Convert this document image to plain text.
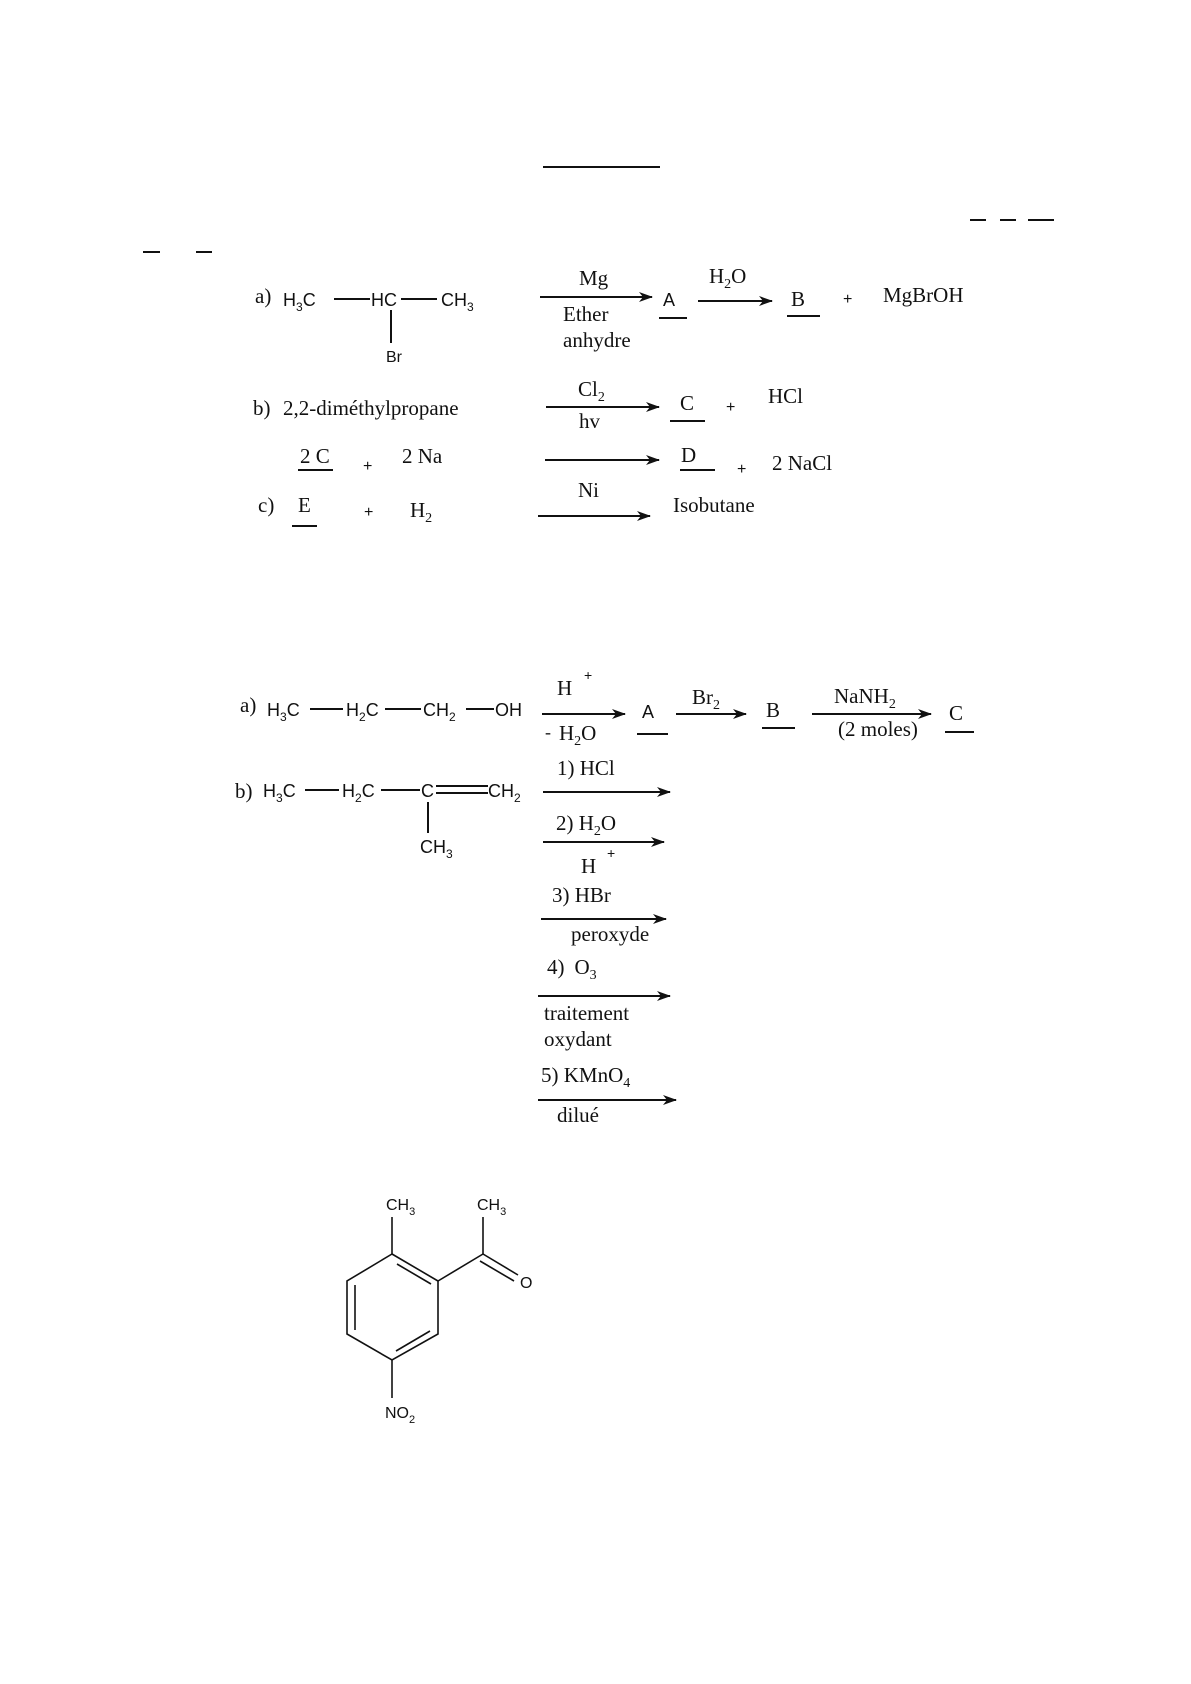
a) $H_3C$	HC $CH_3$
Br
Mg
Ether
anhydre
A
$H_2O$
B + MgBrOH
b) 2,2-diméthylpropane
$Cl_2$
hv
C + HCl
2 C + 2 Na	D
+ 2 NaCl
c) E	+ $H_2$
Ni
Isobutane
a) $H_3C$	$H_2C$ $CH_2$ OH
H
+
- $H_2O$
A
$Br_2$ B
NaNH$_2$
(2 moles)
C
b) $H_3C$	$H_2C$	C	$CH_2$
$CH_3$
1) HCl
2) $H_2O$
H
+
3) HBr
peroxyde
4) $O_3$
traitement
oxydant
5) KMnO$_4$
dilué
$CH_3$	$CH_3$
O
$NO_2$
